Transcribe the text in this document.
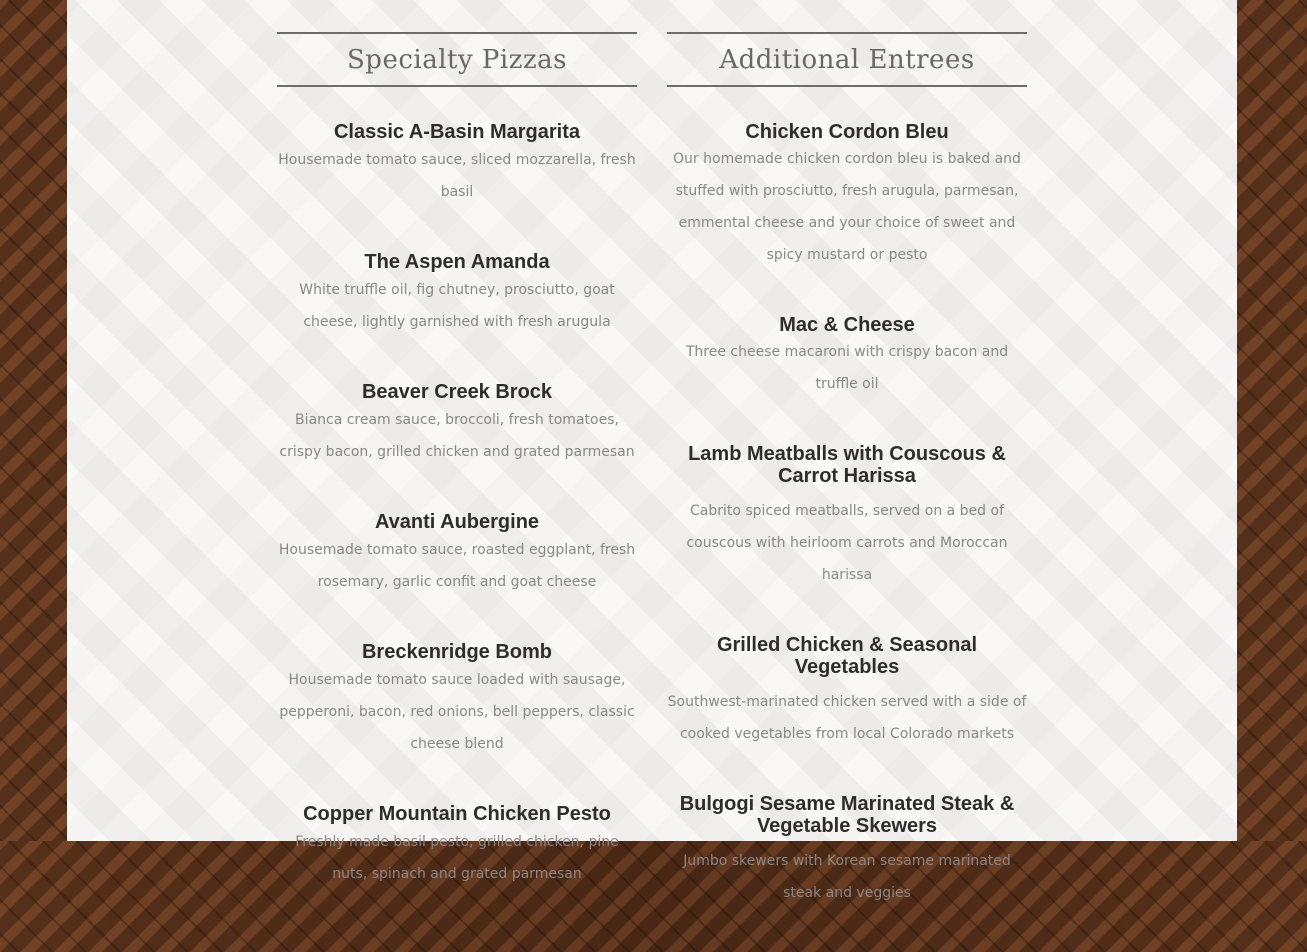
Specialty Pizzas
Classic A-Basin Margarita

Housemade tomato sauce, sliced mozzarella, fresh basil

The Aspen Amanda

White truffle oil, fig chutney, prosciutto, goat cheese, lightly garnished with fresh arugula

Beaver Creek Brock

Bianca cream sauce, broccoli, fresh tomatoes, crispy bacon, grilled chicken and grated parmesan

Avanti Aubergine

Housemade tomato sauce, roasted eggplant, fresh rosemary, garlic confit and goat cheese

Breckenridge Bomb

Housemade tomato sauce loaded with sausage, pepperoni, bacon, red onions, bell peppers, classic cheese blend

Copper Mountain Chicken Pesto

Freshly made basil pesto, grilled chicken, pine nuts, spinach and grated parmesan

Additional Entrees
Chicken Cordon Bleu

Our homemade chicken cordon bleu is baked and stuffed with prosciutto, fresh arugula, parmesan, emmental cheese and your choice of sweet and spicy mustard or pesto

Mac & Cheese

Three cheese macaroni with crispy bacon and truffle oil

Lamb Meatballs with Couscous & Carrot Harissa

Cabrito spiced meatballs, served on a bed of couscous with heirloom carrots and Moroccan harissa

Grilled Chicken & Seasonal Vegetables

Southwest-marinated chicken served with a side of cooked vegetables from local Colorado markets

Bulgogi Sesame Marinated Steak & Vegetable Skewers

Jumbo skewers with Korean sesame marinated steak and veggies
